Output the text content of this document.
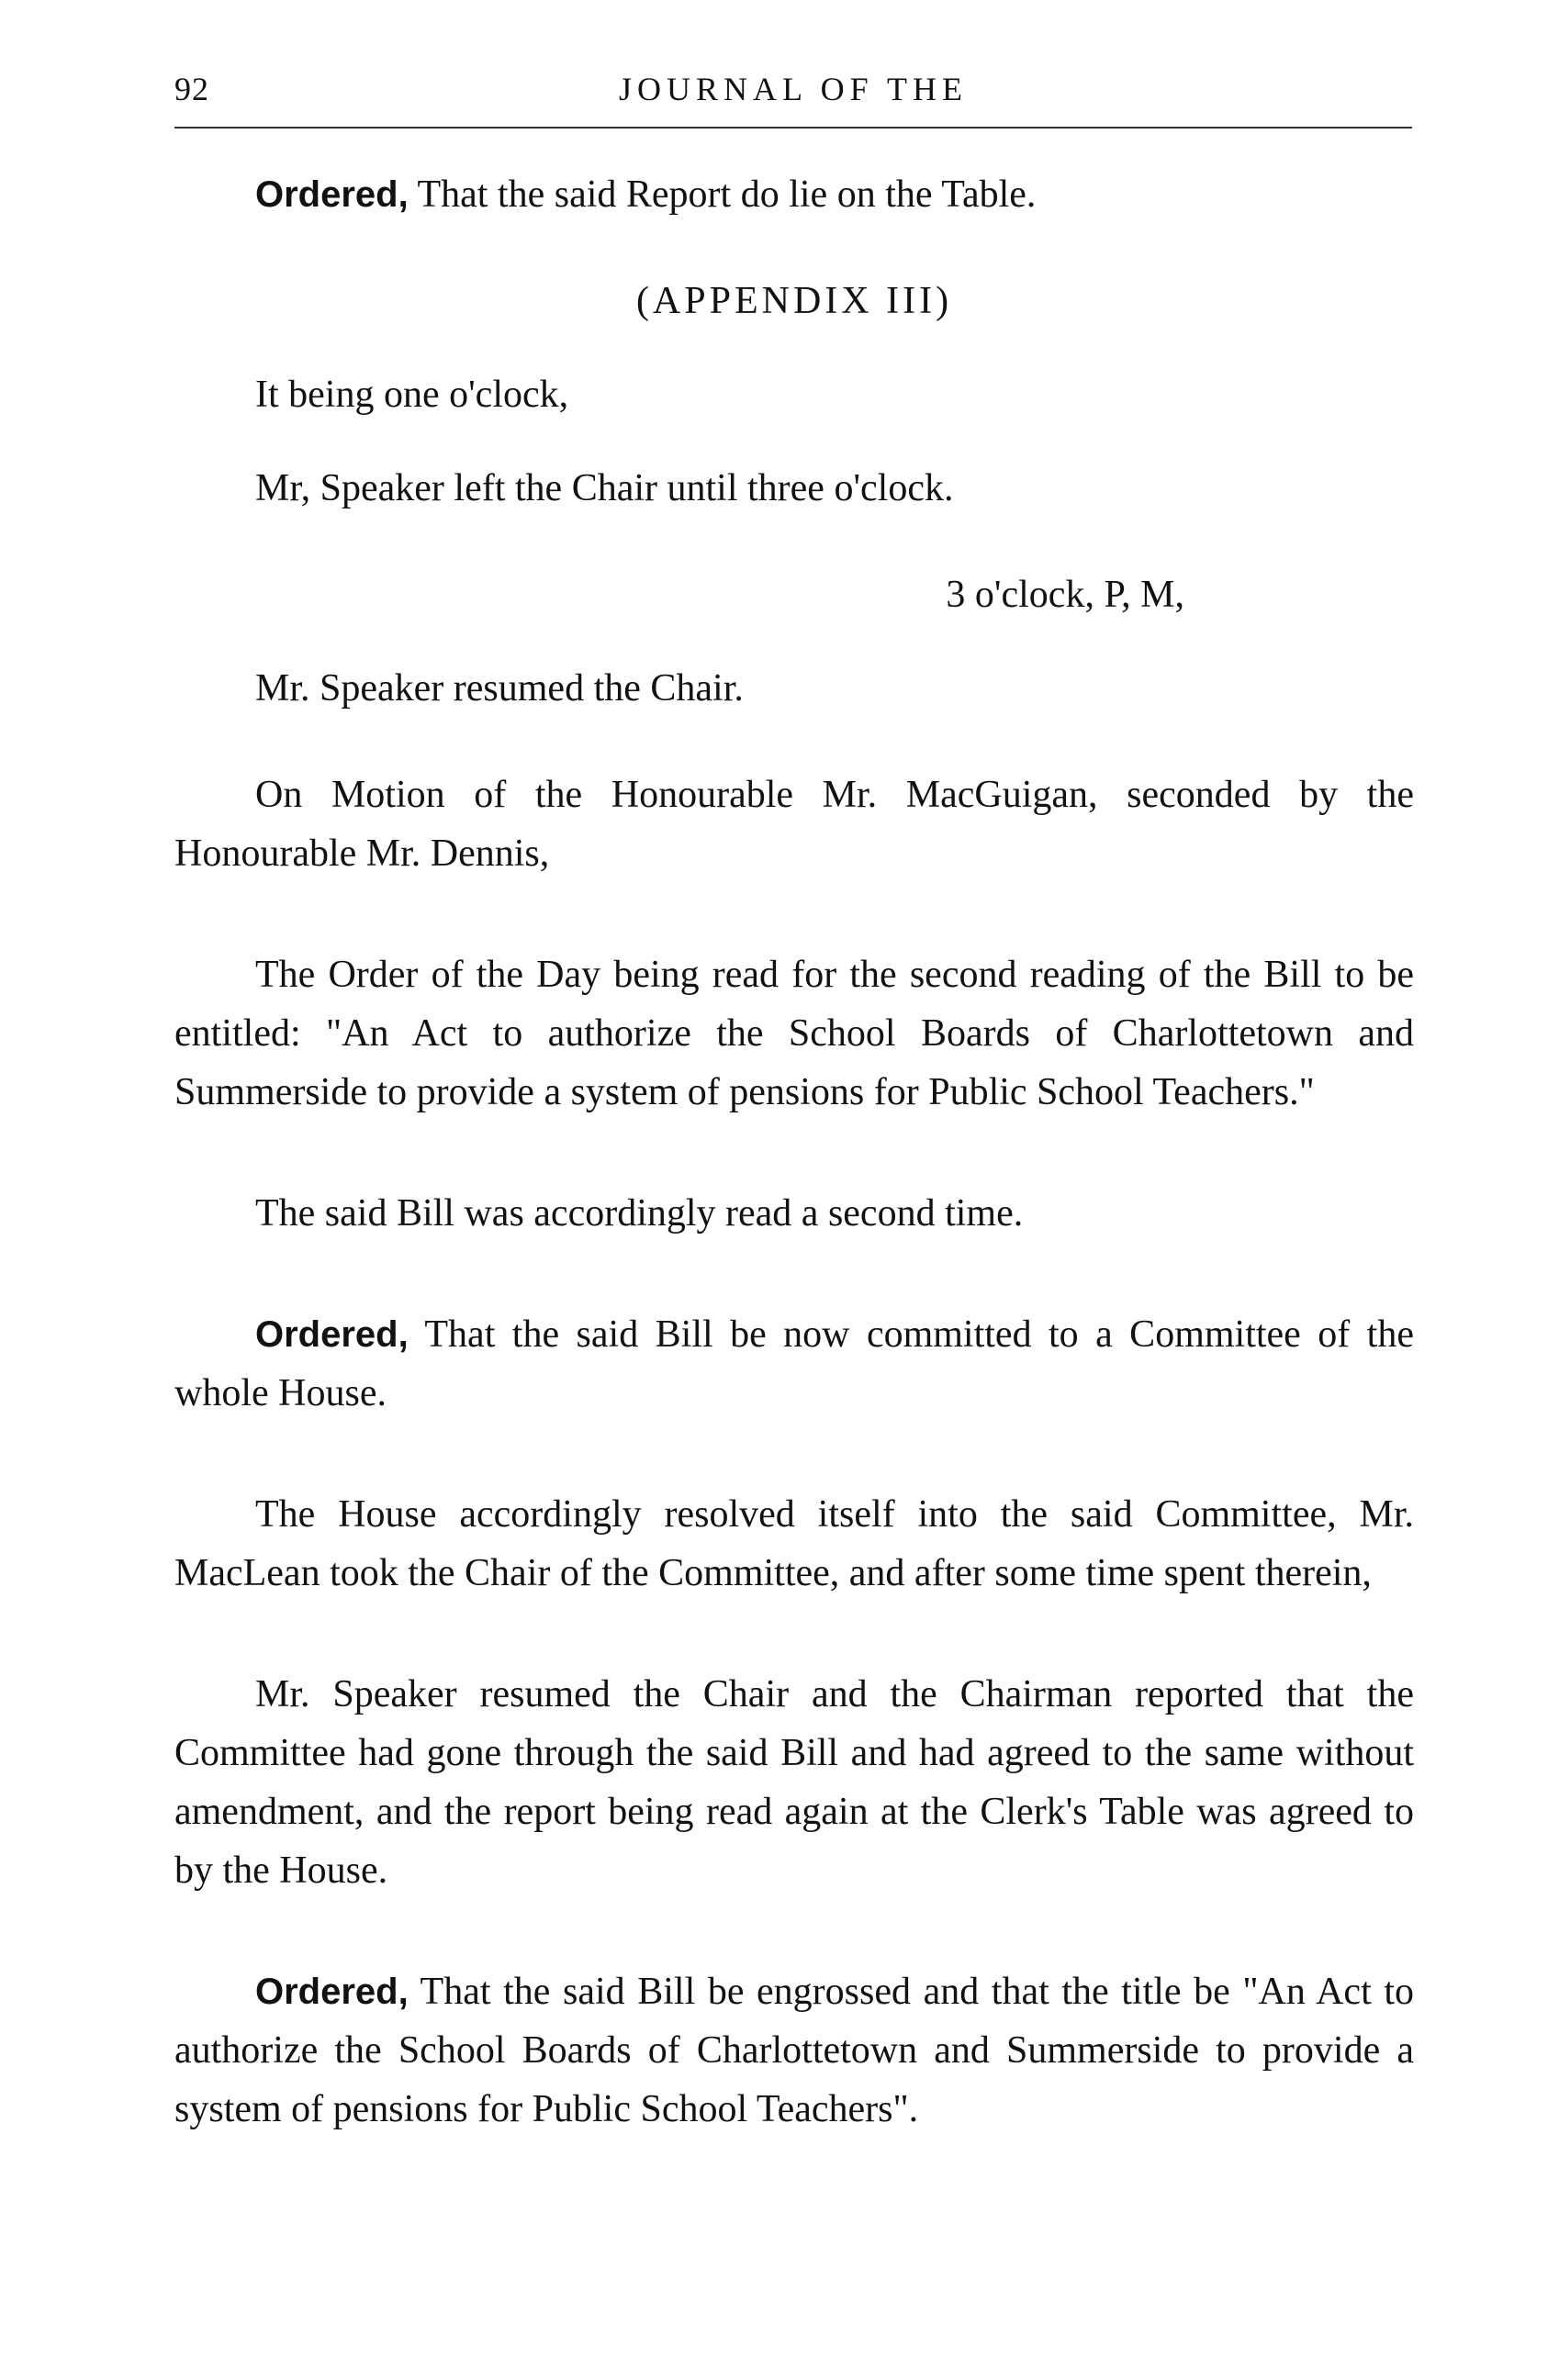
92	JOURNAL OF THE

Ordered, That the said Report do lie on the Table.

(APPENDIX III)

It being one o'clock,

Mr, Speaker left the Chair until three o'clock.

3 o'clock, P, M,

Mr. Speaker resumed the Chair.

On Motion of the Honourable Mr. MacGuigan, seconded by the Honourable Mr. Dennis,

The Order of the Day being read for the second reading of the Bill to be entitled: "An Act to authorize the School Boards of Charlottetown and Summerside to provide a system of pensions for Public School Teachers."

The said Bill was accordingly read a second time.

Ordered, That the said Bill be now committed to a Committee of the whole House.

The House accordingly resolved itself into the said Committee, Mr. MacLean took the Chair of the Committee, and after some time spent therein,

Mr. Speaker resumed the Chair and the Chairman reported that the Committee had gone through the said Bill and had agreed to the same without amendment, and the report being read again at the Clerk's Table was agreed to by the House.

Ordered, That the said Bill be engrossed and that the title be "An Act to authorize the School Boards of Charlottetown and Summerside to provide a system of pensions for Public School Teachers".
